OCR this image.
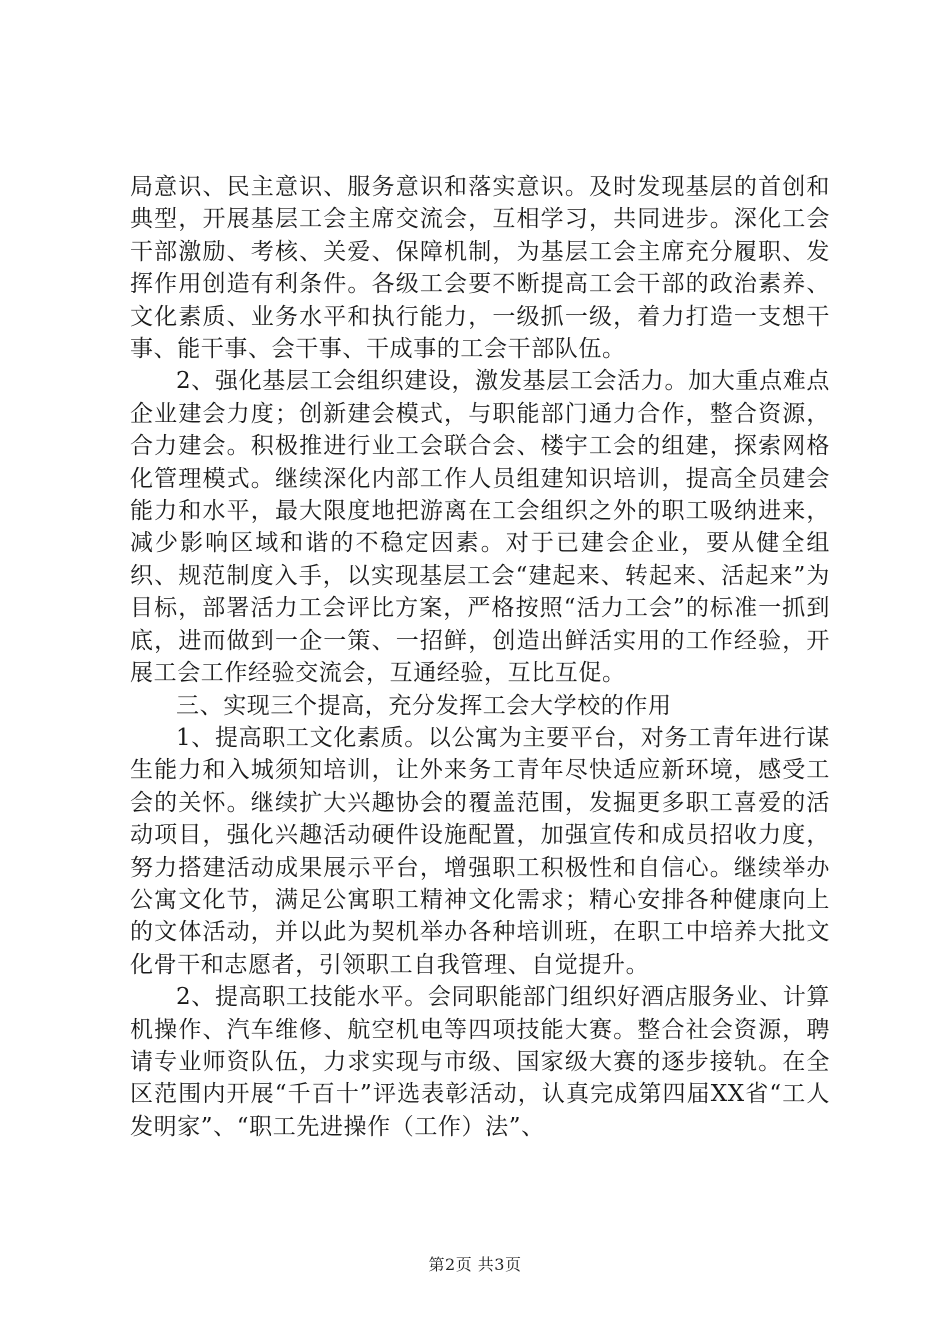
局意识、民主意识、服务意识和落实意识。及时发现基层的首创和典型，开展基层工会主席交流会，互相学习，共同进步。深化工会干部激励、考核、关爱、保障机制，为基层工会主席充分履职、发挥作用创造有利条件。各级工会要不断提高工会干部的政治素养、文化素质、业务水平和执行能力，一级抓一级，着力打造一支想干事、能干事、会干事、干成事的工会干部队伍。

2、强化基层工会组织建设，激发基层工会活力。加大重点难点企业建会力度；创新建会模式，与职能部门通力合作，整合资源，合力建会。积极推进行业工会联合会、楼宇工会的组建，探索网格化管理模式。继续深化内部工作人员组建知识培训，提高全员建会能力和水平，最大限度地把游离在工会组织之外的职工吸纳进来，减少影响区域和谐的不稳定因素。对于已建会企业，要从健全组织、规范制度入手，以实现基层工会“建起来、转起来、活起来”为目标，部署活力工会评比方案，严格按照“活力工会”的标准一抓到底，进而做到一企一策、一招鲜，创造出鲜活实用的工作经验，开展工会工作经验交流会，互通经验，互比互促。

三、实现三个提高，充分发挥工会大学校的作用

1、提高职工文化素质。以公寓为主要平台，对务工青年进行谋生能力和入城须知培训，让外来务工青年尽快适应新环境，感受工会的关怀。继续扩大兴趣协会的覆盖范围，发掘更多职工喜爱的活动项目，强化兴趣活动硬件设施配置，加强宣传和成员招收力度，努力搭建活动成果展示平台，增强职工积极性和自信心。继续举办公寓文化节，满足公寓职工精神文化需求；精心安排各种健康向上的文体活动，并以此为契机举办各种培训班，在职工中培养大批文化骨干和志愿者，引领职工自我管理、自觉提升。

2、提高职工技能水平。会同职能部门组织好酒店服务业、计算机操作、汽车维修、航空机电等四项技能大赛。整合社会资源，聘请专业师资队伍，力求实现与市级、国家级大赛的逐步接轨。在全区范围内开展“千百十”评选表彰活动，认真完成第四届XX省“工人发明家”、“职工先进操作（工作）法”、

第2页 共3页
